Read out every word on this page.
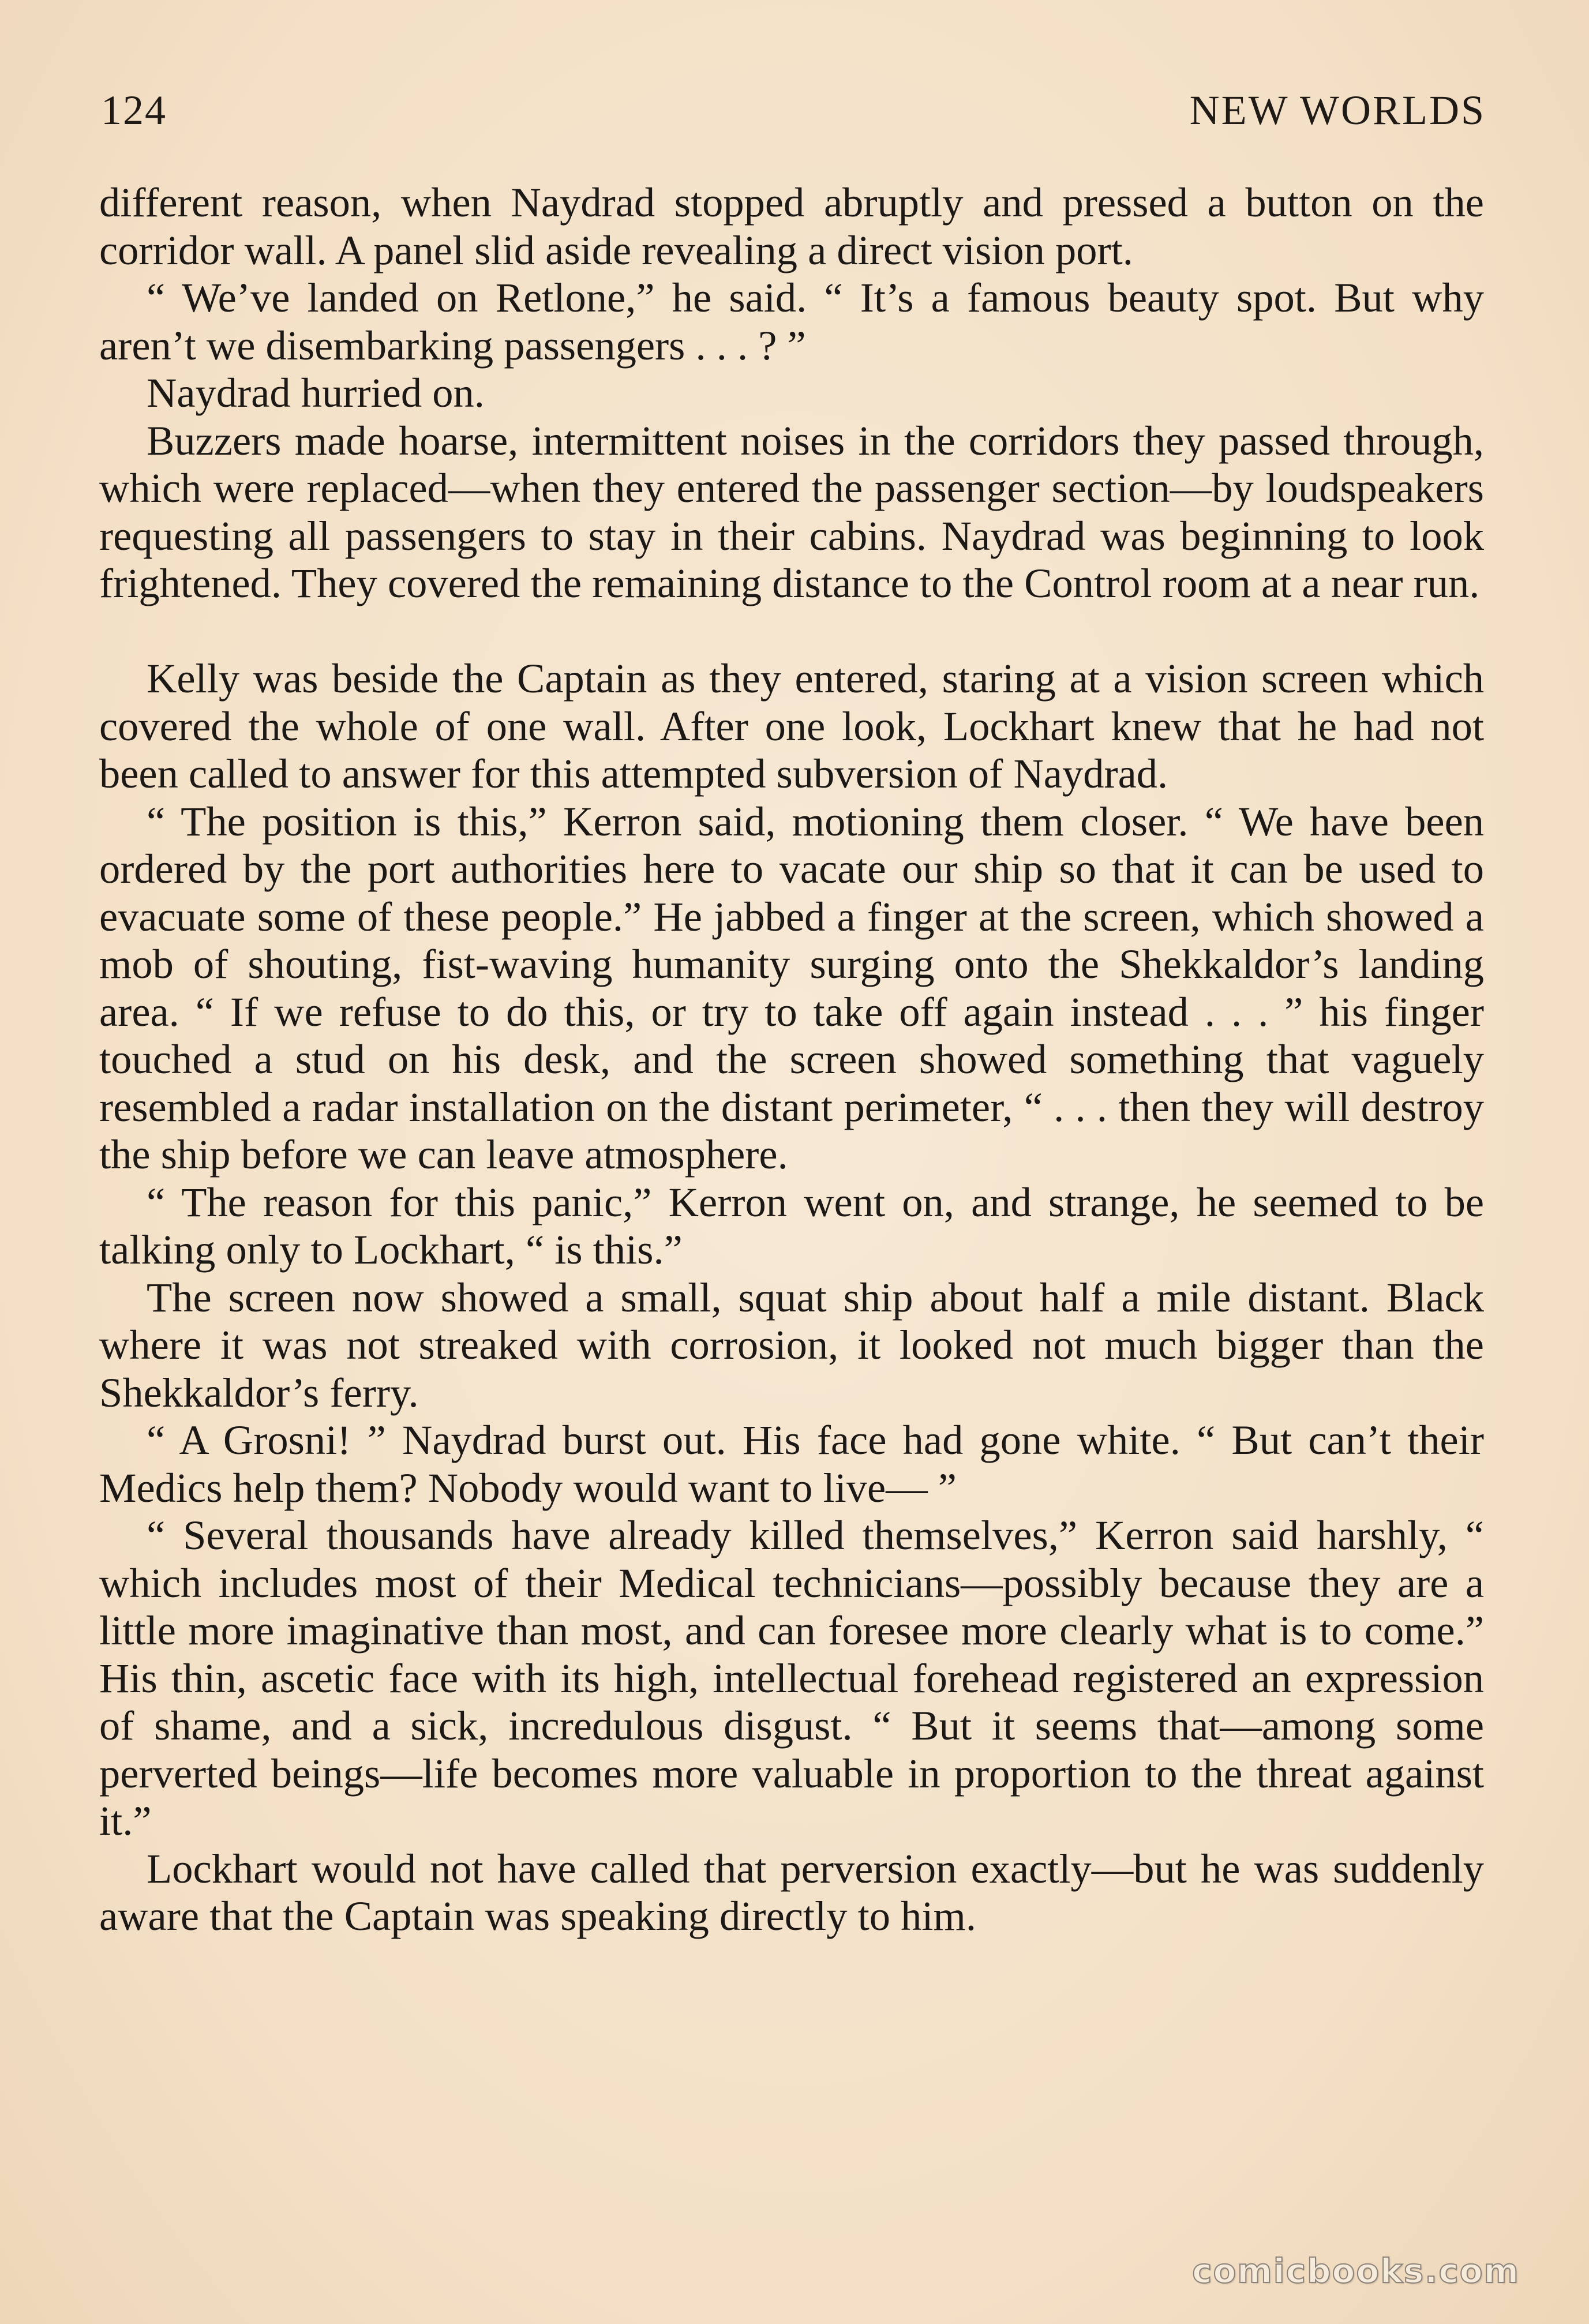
124	NEW WORLDS

different reason, when Naydrad stopped abruptly and pressed a button on the corridor wall. A panel slid aside revealing a direct vision port.

“ We’ve landed on Retlone,” he said. “ It’s a famous beauty spot. But why aren’t we disembarking passengers . . . ? ”

Naydrad hurried on.

Buzzers made hoarse, intermittent noises in the corridors they passed through, which were replaced—when they entered the passenger section—by loudspeakers requesting all passengers to stay in their cabins. Naydrad was beginning to look frightened. They covered the remaining distance to the Control room at a near run.

Kelly was beside the Captain as they entered, staring at a vision screen which covered the whole of one wall. After one look, Lockhart knew that he had not been called to answer for this attempted subversion of Naydrad.

“ The position is this,” Kerron said, motioning them closer. “ We have been ordered by the port authorities here to vacate our ship so that it can be used to evacuate some of these people.” He jabbed a finger at the screen, which showed a mob of shouting, fist-waving humanity surging onto the Shekkaldor’s landing area. “ If we refuse to do this, or try to take off again instead . . . ” his finger touched a stud on his desk, and the screen showed something that vaguely resembled a radar installation on the distant perimeter, “ . . . then they will destroy the ship before we can leave atmosphere.

“ The reason for this panic,” Kerron went on, and strange, he seemed to be talking only to Lockhart, “ is this.”

The screen now showed a small, squat ship about half a mile distant. Black where it was not streaked with corrosion, it looked not much bigger than the Shekkaldor’s ferry.

“ A Grosni! ” Naydrad burst out. His face had gone white. “ But can’t their Medics help them? Nobody would want to live— ”

“ Several thousands have already killed themselves,” Kerron said harshly, “ which includes most of their Medical technicians—possibly because they are a little more imaginative than most, and can foresee more clearly what is to come.” His thin, ascetic face with its high, intellectual forehead registered an expression of shame, and a sick, incredulous disgust. “ But it seems that—among some perverted beings—life becomes more valuable in proportion to the threat against it.”

Lockhart would not have called that perversion exactly—but he was suddenly aware that the Captain was speaking directly to him.

comicbooks.com
